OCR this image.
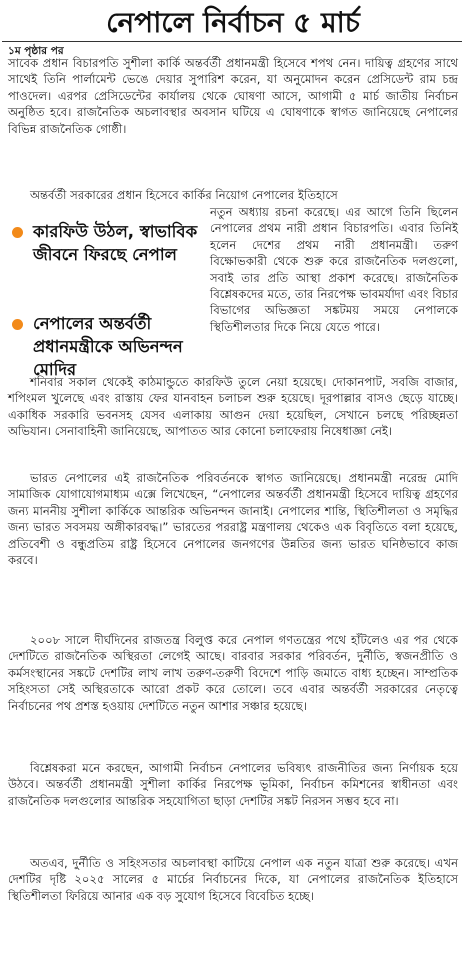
নেপালে নির্বাচন ৫ মার্চ
১ম পৃষ্ঠার পর

সাবেক প্রধান বিচারপতি সুশীলা কার্কি অন্তর্বর্তী প্রধানমন্ত্রী হিসেবে শপথ নেন। দায়িত্ব গ্রহণের সাথে সাথেই তিনি পার্লামেন্ট ভেঙে দেয়ার সুপারিশ করেন, যা অনুমোদন করেন প্রেসিডেন্ট রাম চন্দ্র পাওদেল। এরপর প্রেসিডেন্টের কার্যালয় থেকে ঘোষণা আসে, আগামী ৫ মার্চ জাতীয় নির্বাচন অনুষ্ঠিত হবে। রাজনৈতিক অচলাবস্থার অবসান ঘটিয়ে এ ঘোষণাকে স্বাগত জানিয়েছে নেপালের বিভিন্ন রাজনৈতিক গোষ্ঠী।

অন্তর্বর্তী সরকারের প্রধান হিসেবে কার্কির নিয়োগ নেপালের ইতিহাসে

কারফিউ উঠল, স্বাভাবিক জীবনে ফিরছে নেপাল
নেপালের অন্তর্বর্তী প্রধানমন্ত্রীকে অভিনন্দন মোদির

নতুন অধ্যায় রচনা করেছে। এর আগে তিনি ছিলেন নেপালের প্রথম নারী প্রধান বিচারপতি। এবার তিনিই হলেন দেশের প্রথম নারী প্রধানমন্ত্রী। তরুণ বিক্ষোভকারী থেকে শুরু করে রাজনৈতিক দলগুলো, সবাই তার প্রতি আস্থা প্রকাশ করেছে। রাজনৈতিক বিশ্লেষকদের মতে, তার নিরপেক্ষ ভাবমর্যাদা এবং বিচার বিভাগের অভিজ্ঞতা সঙ্কটময় সময়ে নেপালকে স্থিতিশীলতার দিকে নিয়ে যেতে পারে।

শনিবার সকাল থেকেই কাঠমান্ডুতে কারফিউ তুলে নেয়া হয়েছে। দোকানপাট, সবজি বাজার, শপিংমল খুলেছে এবং রাস্তায় ফের যানবাহন চলাচল শুরু হয়েছে। দূরপাল্লার বাসও ছেড়ে যাচ্ছে। একাধিক সরকারি ভবনসহ যেসব এলাকায় আগুন দেয়া হয়েছিল, সেখানে চলছে পরিচ্ছন্নতা অভিযান। সেনাবাহিনী জানিয়েছে, আপাতত আর কোনো চলাফেরায় নিষেধাজ্ঞা নেই।

ভারত নেপালের এই রাজনৈতিক পরিবর্তনকে স্বাগত জানিয়েছে। প্রধানমন্ত্রী নরেন্দ্র মোদি সামাজিক যোগাযোগমাধ্যম এক্সে লিখেছেন, “নেপালের অন্তর্বর্তী প্রধানমন্ত্রী হিসেবে দায়িত্ব গ্রহণের জন্য মাননীয় সুশীলা কার্কিকে আন্তরিক অভিনন্দন জানাই। নেপালের শান্তি, স্থিতিশীলতা ও সমৃদ্ধির জন্য ভারত সবসময় অঙ্গীকারবদ্ধ।” ভারতের পররাষ্ট্র মন্ত্রণালয় থেকেও এক বিবৃতিতে বলা হয়েছে, প্রতিবেশী ও বন্ধুপ্রতিম রাষ্ট্র হিসেবে নেপালের জনগণের উন্নতির জন্য ভারত ঘনিষ্ঠভাবে কাজ করবে।

২০০৮ সালে দীর্ঘদিনের রাজতন্ত্র বিলুপ্ত করে নেপাল গণতন্ত্রের পথে হাঁটলেও এর পর থেকে দেশটিতে রাজনৈতিক অস্থিরতা লেগেই আছে। বারবার সরকার পরিবর্তন, দুর্নীতি, স্বজনপ্রীতি ও কর্মসংস্থানের সঙ্কটে দেশটির লাখ লাখ তরুণ-তরুণী বিদেশে পাড়ি জমাতে বাধ্য হচ্ছেন। সাম্প্রতিক সহিংসতা সেই অস্থিরতাকে আরো প্রকট করে তোলে। তবে এবার অন্তর্বর্তী সরকারের নেতৃত্বে নির্বাচনের পথ প্রশস্ত হওয়ায় দেশটিতে নতুন আশার সঞ্চার হয়েছে।

বিশ্লেষকরা মনে করছেন, আগামী নির্বাচন নেপালের ভবিষ্যৎ রাজনীতির জন্য নির্ণায়ক হয়ে উঠবে। অন্তর্বর্তী প্রধানমন্ত্রী সুশীলা কার্কির নিরপেক্ষ ভূমিকা, নির্বাচন কমিশনের স্বাধীনতা এবং রাজনৈতিক দলগুলোর আন্তরিক সহযোগিতা ছাড়া দেশটির সঙ্কট নিরসন সম্ভব হবে না।

অতএব, দুর্নীতি ও সহিংসতার অচলাবস্থা কাটিয়ে নেপাল এক নতুন যাত্রা শুরু করেছে। এখন দেশটির দৃষ্টি ২০২৫ সালের ৫ মার্চের নির্বাচনের দিকে, যা নেপালের রাজনৈতিক ইতিহাসে স্থিতিশীলতা ফিরিয়ে আনার এক বড় সুযোগ হিসেবে বিবেচিত হচ্ছে।
